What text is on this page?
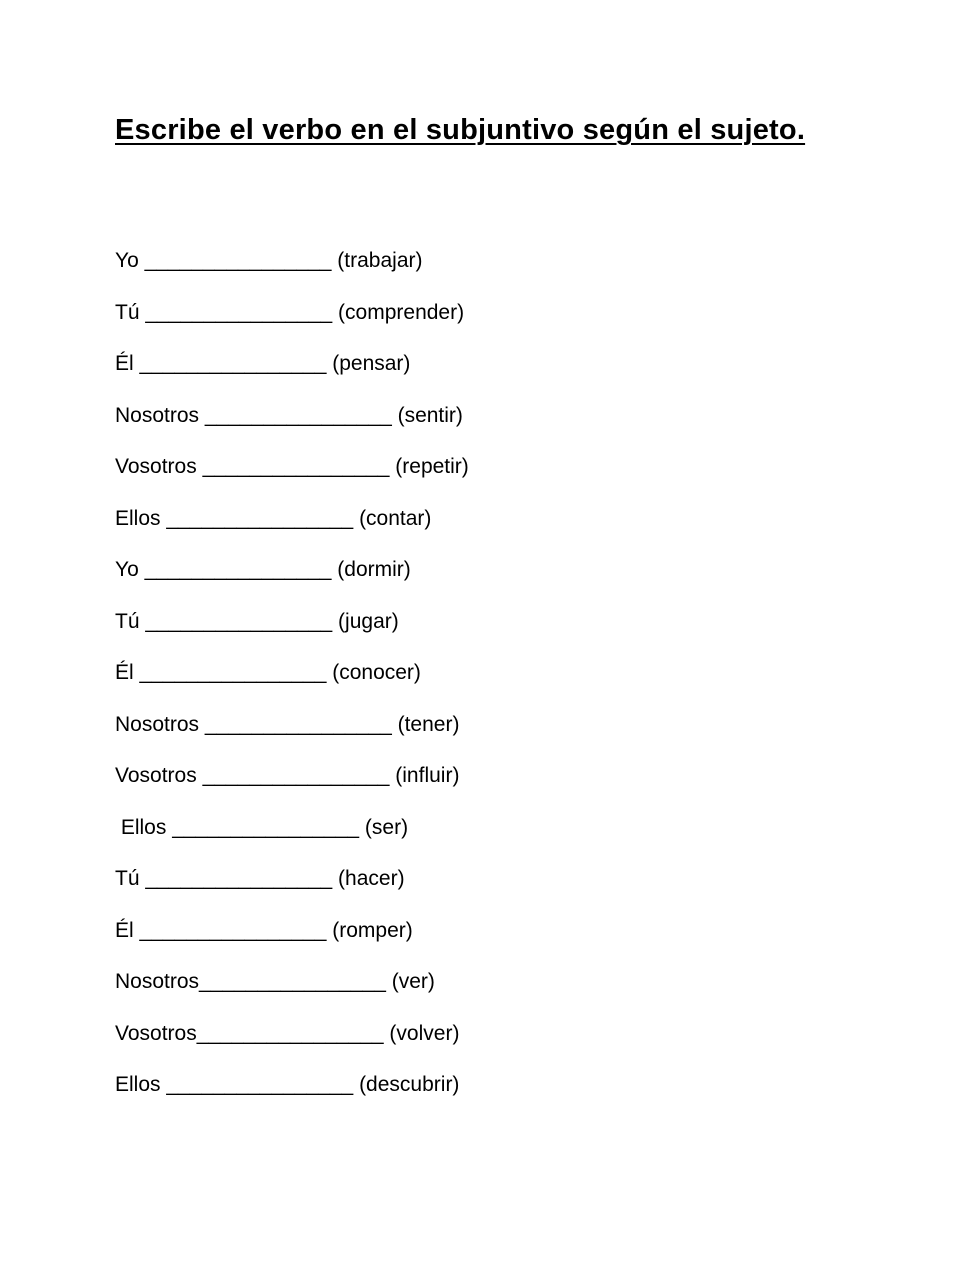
Escribe el verbo en el subjuntivo según el sujeto.

Yo ________________ (trabajar)

Tú ________________ (comprender)

Él ________________ (pensar)

Nosotros ________________ (sentir)

Vosotros ________________ (repetir)

Ellos ________________ (contar)

Yo ________________ (dormir)

Tú ________________ (jugar)

Él ________________ (conocer)

Nosotros ________________ (tener)

Vosotros ________________ (influir)

Ellos ________________ (ser)

Tú ________________ (hacer)

Él ________________ (romper)

Nosotros________________ (ver)

Vosotros________________ (volver)

Ellos ________________ (descubrir)
